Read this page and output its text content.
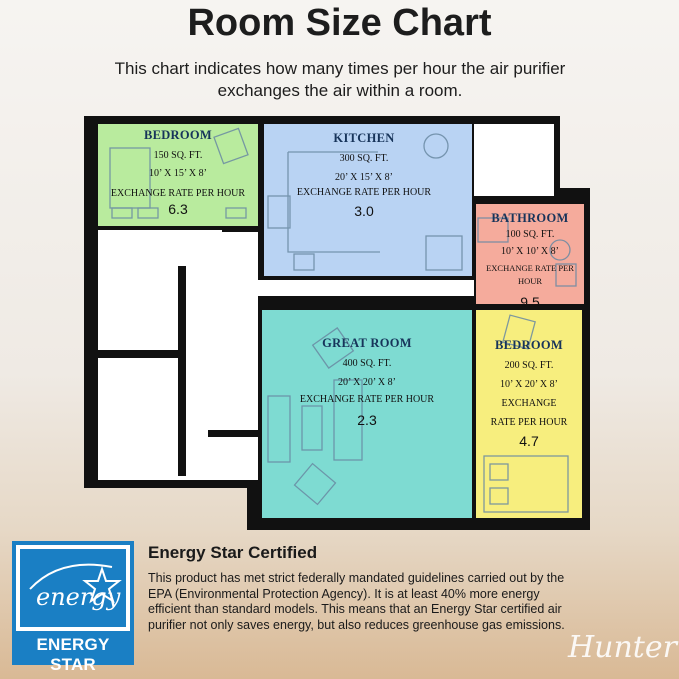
Room Size Chart

This chart indicates how many times per hour the air purifier exchanges the air within a room.

BEDROOM
150 SQ. FT.
10’ X 15’ X 8’
EXCHANGE RATE PER HOUR
6.3
KITCHEN
300 SQ. FT.
20’ X 15’ X 8’
EXCHANGE RATE PER HOUR
3.0	BATHROOM
100 SQ. FT.
10’ X 10’ X 8’
EXCHANGE RATE PER HOUR
9.5
GREAT ROOM
400 SQ. FT.
20’ X 20’ X 8’
EXCHANGE RATE PER HOUR
2.3
BEDROOM
200 SQ. FT.
10’ X 20’ X 8’
EXCHANGE
RATE PER HOUR
4.7
energy
ENERGY STAR
Energy Star Certified
This product has met strict federally mandated guidelines carried out by the EPA (Environmental Protection Agency). It is at least 40% more energy efficient than standard models. This means that an Energy Star certified air purifier not only saves energy, but also reduces greenhouse gas emissions.
Hunter
